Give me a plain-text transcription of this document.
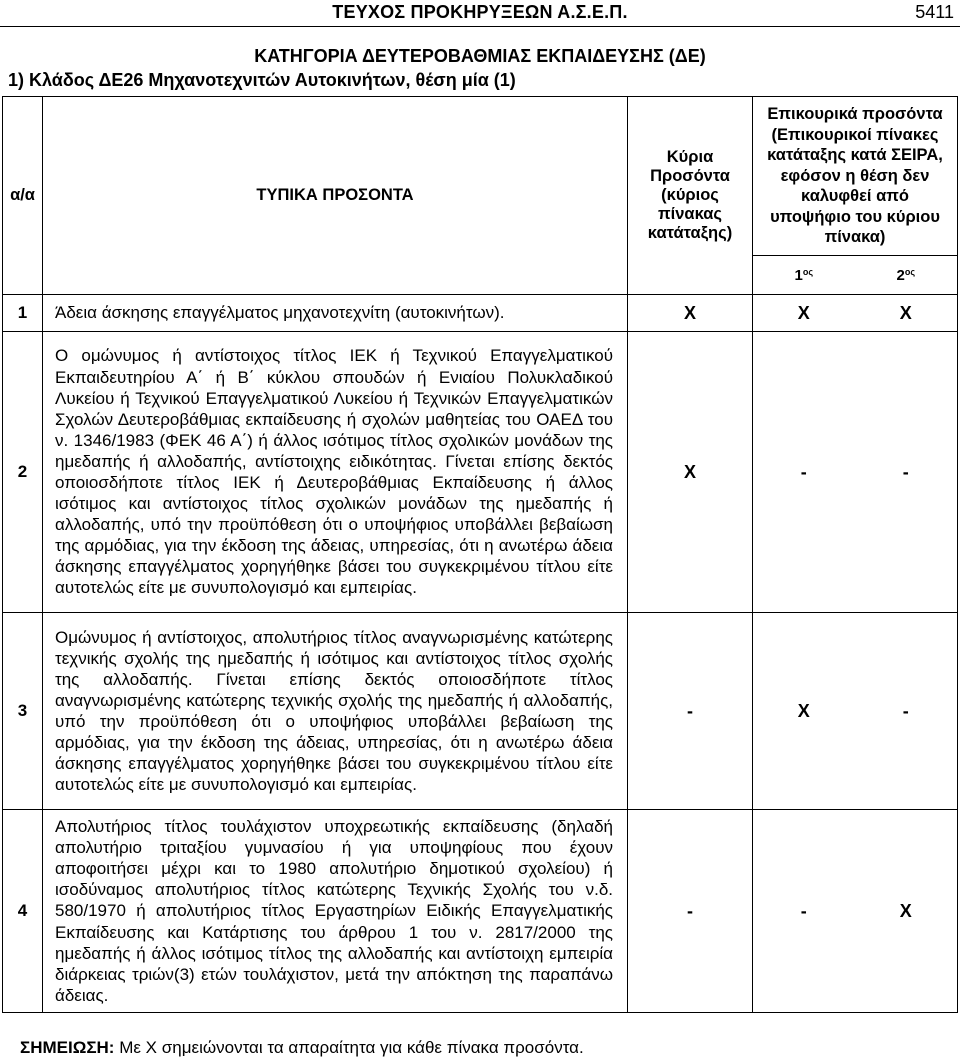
ΤΕΥΧΟΣ ΠΡΟΚΗΡΥΞΕΩΝ Α.Σ.Ε.Π.	5411
ΚΑΤΗΓΟΡΙΑ ΔΕΥΤΕΡΟΒΑΘΜΙΑΣ ΕΚΠΑΙΔΕΥΣΗΣ (ΔΕ)
1) Κλάδος ΔΕ26 Μηχανοτεχνιτών Αυτοκινήτων, θέση μία (1)
α/α	ΤΥΠΙΚΑ ΠΡΟΣΟΝΤΑ	Κύρια Προσόντα (κύριος πίνακας κατάταξης)	Επικουρικά προσόντα (Επικουρικοί πίνακες κατάταξης κατά ΣΕΙΡΑ, εφόσον η θέση δεν καλυφθεί από υποψήφιο του κύριου πίνακα)	
			$1^{o\varsigma}$	$2^{o\varsigma}$
1	Άδεια άσκησης επαγγέλματος μηχανοτεχνίτη (αυτοκινήτων).	X	X	X
2	Ο ομώνυμος ή αντίστοιχος τίτλος ΙΕΚ ή Τεχνικού Επαγγελματικού Εκπαιδευτηρίου Α΄ ή Β΄ κύκλου σπουδών ή Ενιαίου Πολυκλαδικού Λυκείου ή Τεχνικού Επαγγελματικού Λυκείου ή Τεχνικών Επαγγελματικών Σχολών Δευτεροβάθμιας εκπαίδευσης ή σχολών μαθητείας του ΟΑΕΔ του ν. 1346/1983 (ΦΕΚ 46 Α΄) ή άλλος ισότιμος τίτλος σχολικών μονάδων της ημεδαπής ή αλλοδαπής, αντίστοιχης ειδικότητας. Γίνεται επίσης δεκτός οποιοσδήποτε τίτλος ΙΕΚ ή Δευτεροβάθμιας Εκπαίδευσης ή άλλος ισότιμος και αντίστοιχος τίτλος σχολικών μονάδων της ημεδαπής ή αλλοδαπής, υπό την προϋπόθεση ότι ο υποψήφιος υποβάλλει βεβαίωση της αρμόδιας, για την έκδοση της άδειας, υπηρεσίας, ότι η ανωτέρω άδεια άσκησης επαγγέλματος χορηγήθηκε βάσει του συγκεκριμένου τίτλου είτε αυτοτελώς είτε με συνυπολογισμό και εμπειρίας.	X	-	-
3	Ομώνυμος ή αντίστοιχος, απολυτήριος τίτλος αναγνωρισμένης κατώτερης τεχνικής σχολής της ημεδαπής ή ισότιμος και αντίστοιχος τίτλος σχολής της αλλοδαπής. Γίνεται επίσης δεκτός οποιοσδήποτε τίτλος αναγνωρισμένης κατώτερης τεχνικής σχολής της ημεδαπής ή αλλοδαπής, υπό την προϋπόθεση ότι ο υποψήφιος υποβάλλει βεβαίωση της αρμόδιας, για την έκδοση της άδειας, υπηρεσίας, ότι η ανωτέρω άδεια άσκησης επαγγέλματος χορηγήθηκε βάσει του συγκεκριμένου τίτλου είτε αυτοτελώς είτε με συνυπολογισμό και εμπειρίας.	-	X	-
4	Απολυτήριος τίτλος τουλάχιστον υποχρεωτικής εκπαίδευσης (δηλαδή απολυτήριο τριταξίου γυμνασίου ή για υποψηφίους που έχουν αποφοιτήσει μέχρι και το 1980 απολυτήριο δημοτικού σχολείου) ή ισοδύναμος απολυτήριος τίτλος κατώτερης Τεχνικής Σχολής του ν.δ. 580/1970 ή απολυτήριος τίτλος Εργαστηρίων Ειδικής Επαγγελματικής Εκπαίδευσης και Κατάρτισης του άρθρου 1 του ν. 2817/2000 της ημεδαπής ή άλλος ισότιμος τίτλος της αλλοδαπής και αντίστοιχη εμπειρία διάρκειας τριών(3) ετών τουλάχιστον, μετά την απόκτηση της παραπάνω άδειας.	-	-	X
ΣΗΜΕΙΩΣΗ: Με Χ σημειώνονται τα απαραίτητα για κάθε πίνακα προσόντα.
